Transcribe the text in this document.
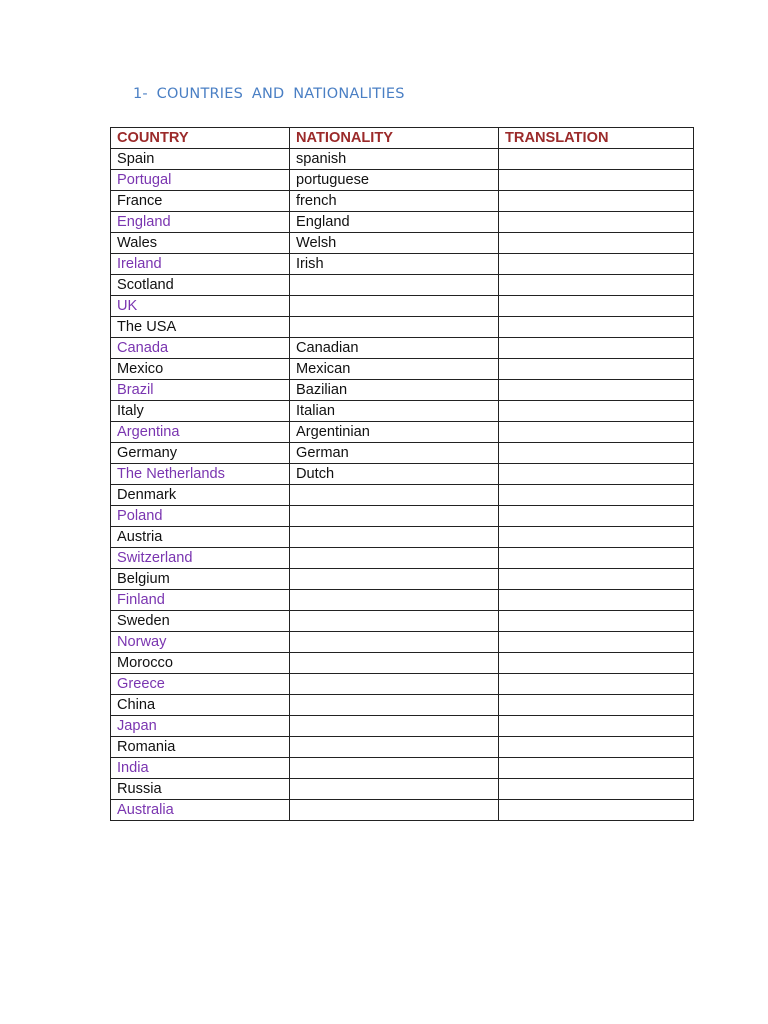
1- COUNTRIES AND NATIONALITIES
COUNTRY	NATIONALITY	TRANSLATION
Spain	spanish	
Portugal	portuguese	
France	french	
England	England	
Wales	Welsh	
Ireland	Irish	
Scotland		
UK		
The USA		
Canada	Canadian	
Mexico	Mexican	
Brazil	Bazilian	
Italy	Italian	
Argentina	Argentinian	
Germany	German	
The Netherlands	Dutch	
Denmark		
Poland		
Austria		
Switzerland		
Belgium		
Finland		
Sweden		
Norway		
Morocco		
Greece		
China		
Japan		
Romania		
India		
Russia		
Australia		
